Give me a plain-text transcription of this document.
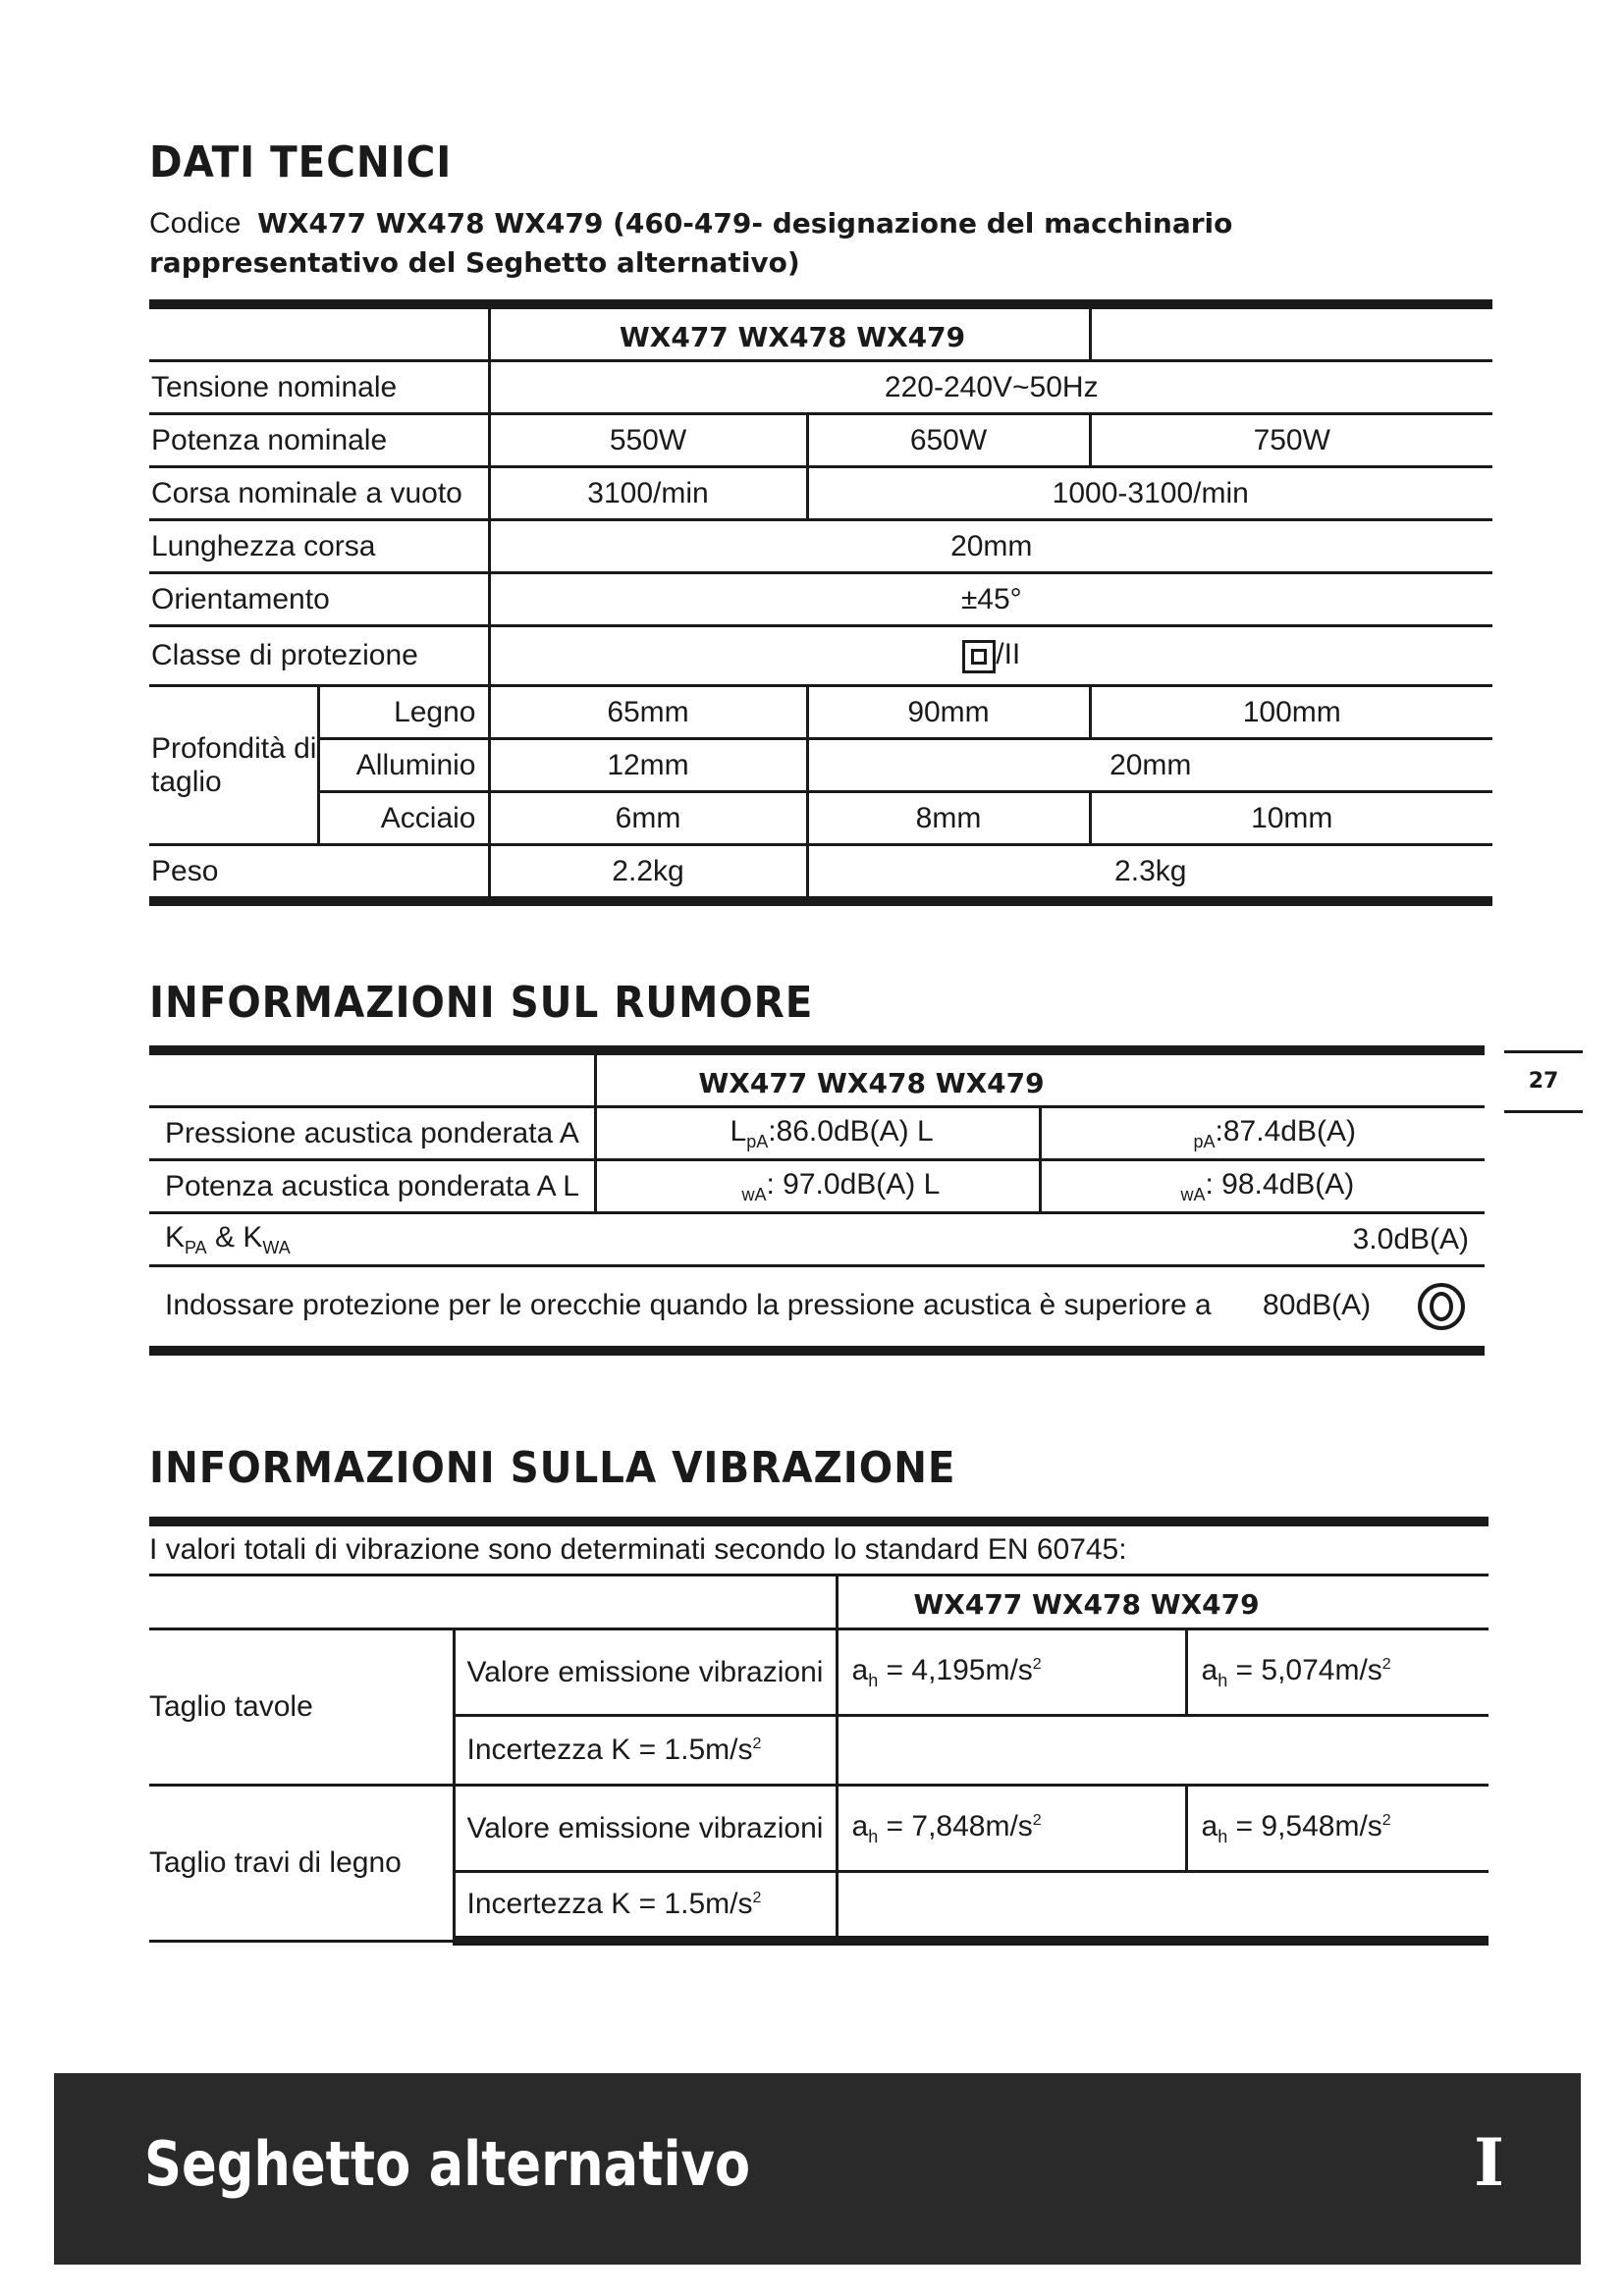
DATI TECNICI
Codice WX477 WX478 WX479 (460-479- designazione del macchinario rappresentativo del Seghetto alternativo)

		WX477 WX478 WX479		

Tensione nominale		220-240V~50Hz		
Potenza nominale		550W	650W	750W
Corsa nominale a vuoto		3100/min	1000-3100/min	
Lunghezza corsa		20mm		
Orientamento		±45°		
Classe di protezione		/II		
Profondità di taglio	Legno	65mm	90mm	100mm
	Alluminio	12mm	20mm	
	Acciaio	6mm	8mm	10mm
Peso		2.2kg	2.3kg	
INFORMAZIONI SUL RUMORE
27

	WX477 WX478 WX479	

Pressione acustica ponderata A	$L_{pA}:86.0dB(A)$ L	$_{pA}$:87.4dB(A)
Potenza acustica ponderata A L	$_{wA}$: 97.0dB(A) L	$_{wA}$: 98.4dB(A)
$K_{PA}$ & $K_{WA}$	3.0dB(A)	
Indossare protezione per le orecchie quando la pressione acustica è superiore a 80dB(A)		
INFORMAZIONI SULLA VIBRAZIONE
I valori totali di vibrazione sono determinati secondo lo standard EN 60745:			

		WX477 WX478 WX479	

Taglio tavole	Valore emissione vibrazioni	$a_h = 4,195m/s^2$	$a_h = 5,074m/s^2$
	Incertezza $K = 1.5m/s^2$	
Taglio travi di legno	Valore emissione vibrazioni	$a_h = 7,848m/s^2$	$a_h = 9,548m/s^2$
	Incertezza $K = 1.5m/s^2$	
Seghetto alternativo	I
